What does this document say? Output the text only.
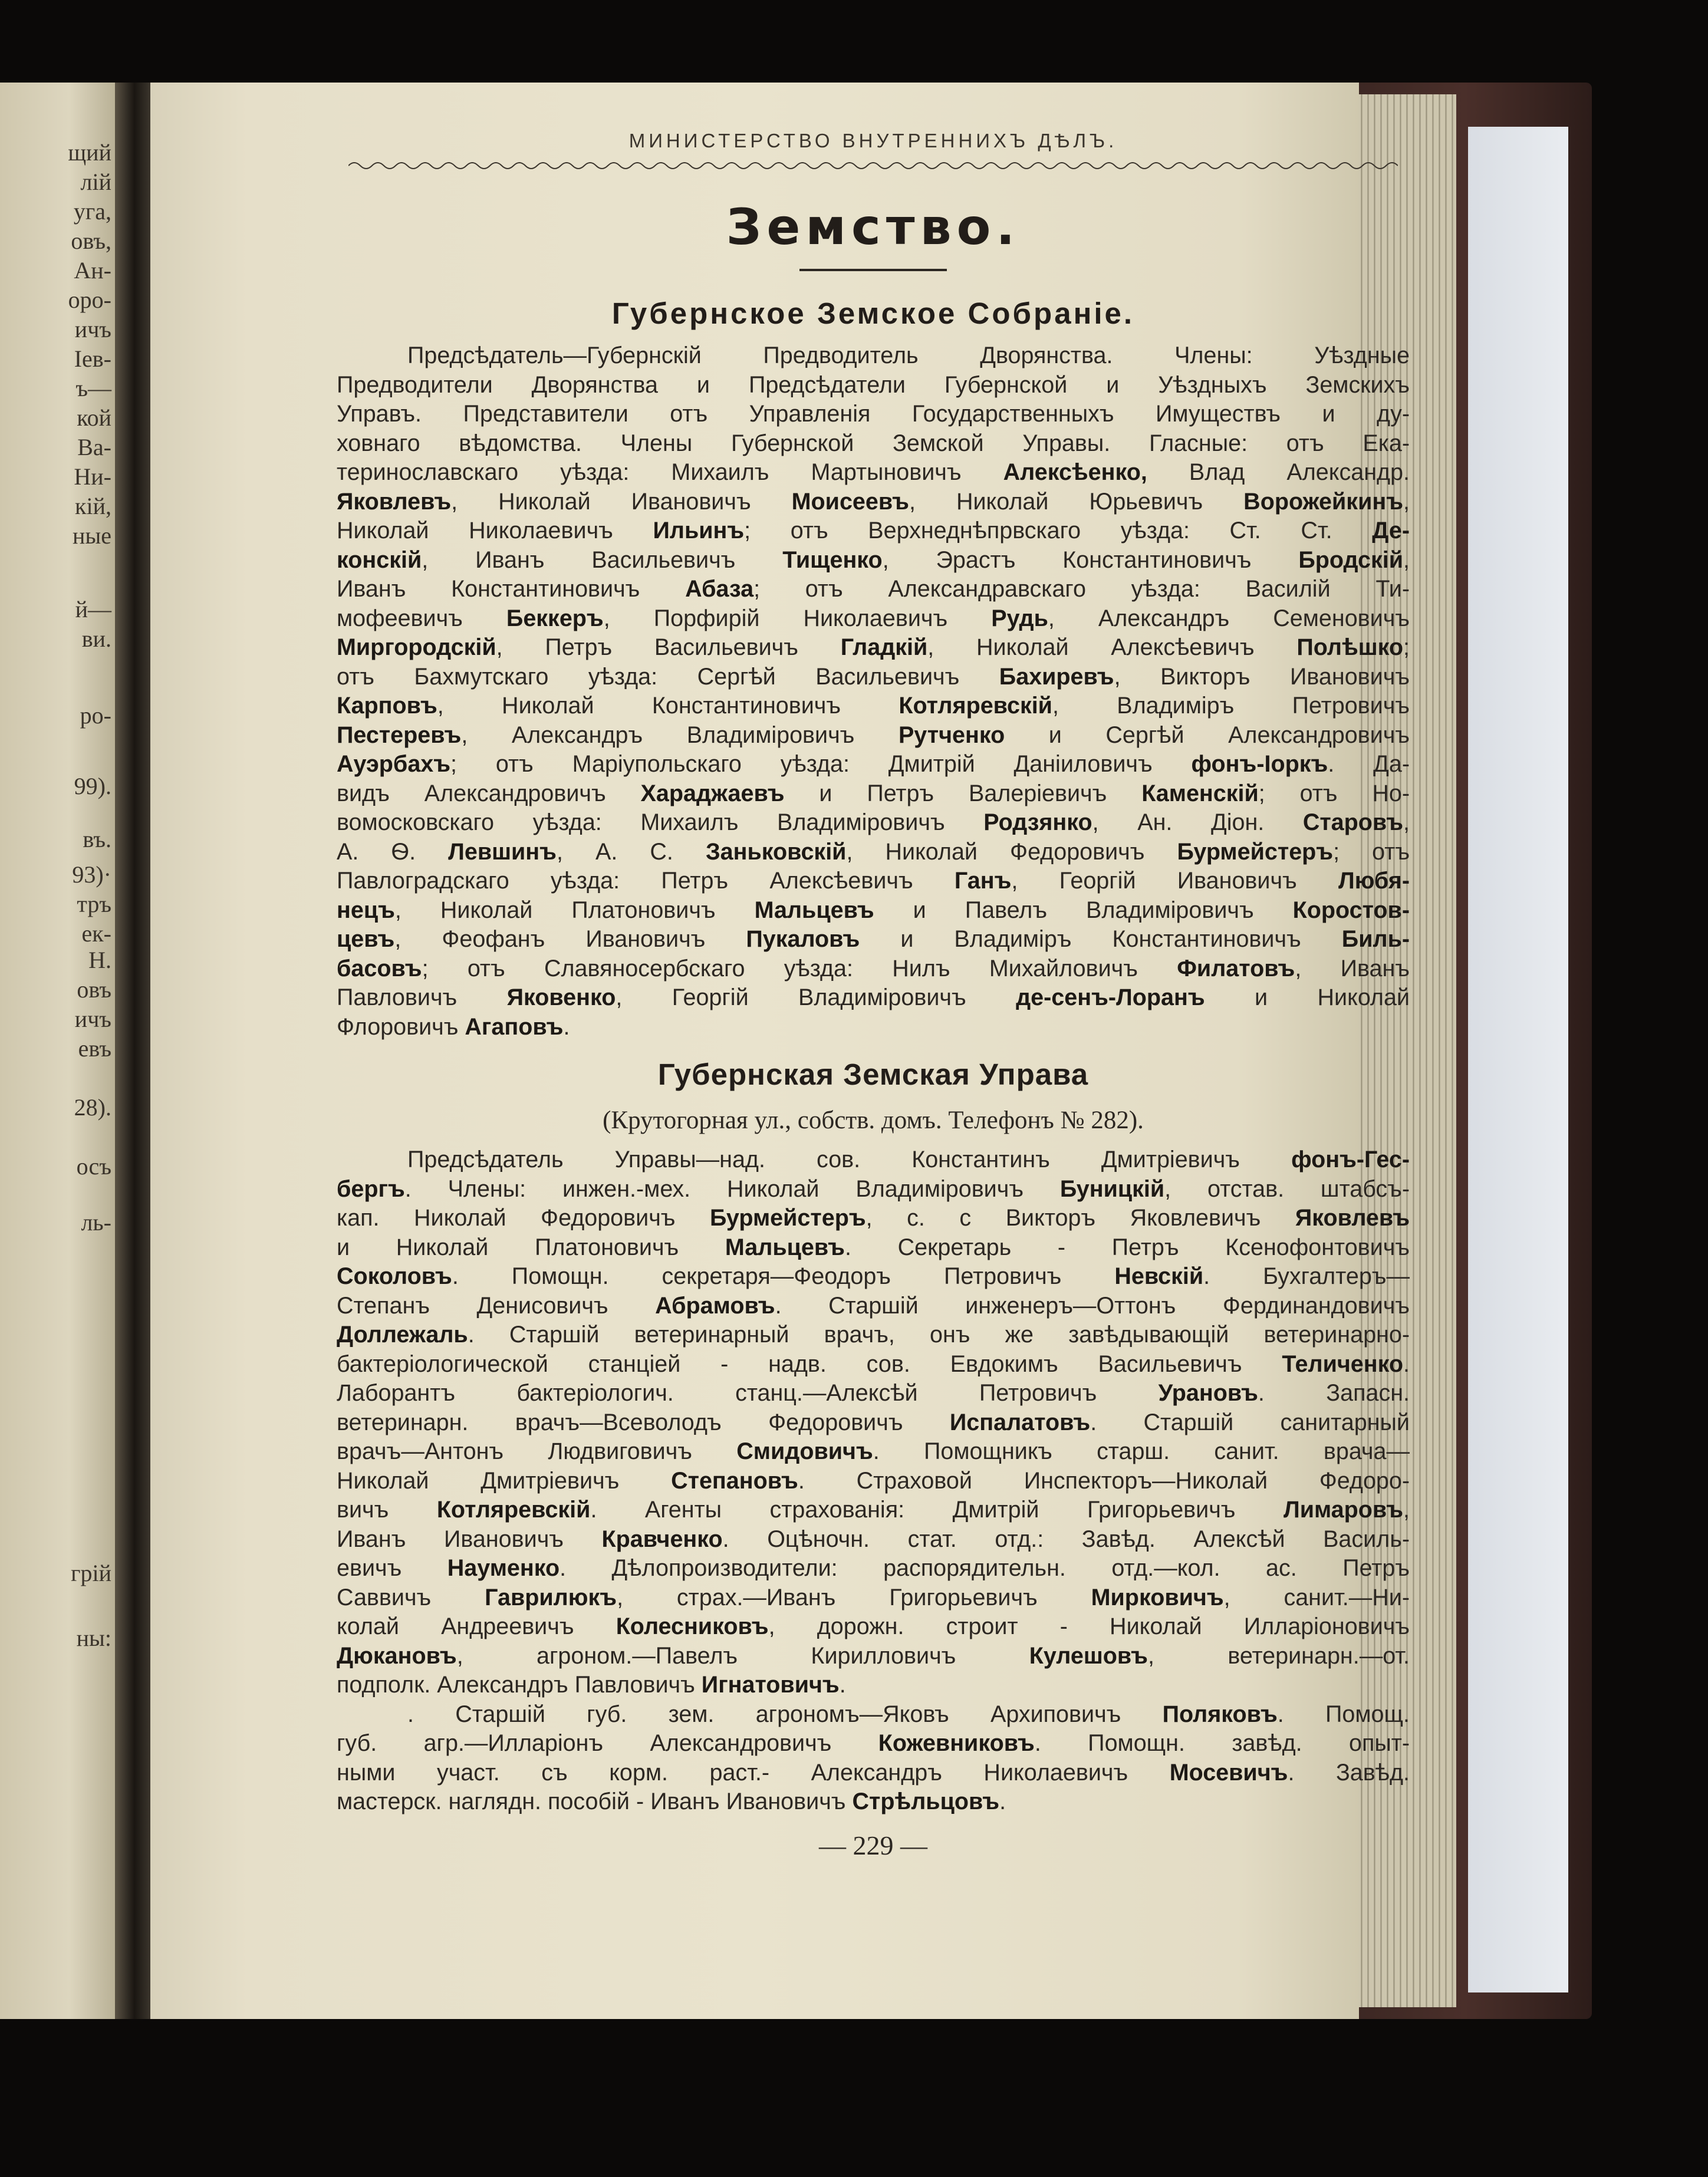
щий
лій
уга,
овъ,
Ан-
оро-
ичъ
Іев-
ъ—
кой
Ва-
Ни-
кій,
ные
й—
ви.
ро-
99).
въ.
93)·
тръ
ек-
Н.
овъ
ичъ
евъ
28).
осъ
ль-
грій
ны:
МИНИСТЕРСТВО ВНУТРЕННИХЪ ДѢЛЪ.
Земство.
Губернское Земское Собраніе.
Предсѣдатель—Губернскій Предводитель Дворянства. Члены: Уѣздные
Предводители Дворянства и Предсѣдатели Губернской и Уѣздныхъ Земскихъ
Управъ. Представители отъ Управленія Государственныхъ Имуществъ и ду-
ховнаго вѣдомства. Члены Губернской Земской Управы. Гласные: отъ Ека-
теринославскаго уѣзда: Михаилъ Мартыновичъ Алексѣенко, Влад Александр.
Яковлевъ, Николай Ивановичъ Моисеевъ, Николай Юрьевичъ Ворожейкинъ,
Николай Николаевичъ Ильинъ; отъ Верхнеднѣпрвскаго уѣзда: Ст. Ст. Де-
конскій, Иванъ Васильевичъ Тищенко, Эрастъ Константиновичъ Бродскій,
Иванъ Константиновичъ Абаза; отъ Александравскаго уѣзда: Василій Ти-
мофеевичъ Беккеръ, Порфирій Николаевичъ Рудь, Александръ Семеновичъ
Миргородскій, Петръ Васильевичъ Гладкій, Николай Алексѣевичъ Полѣшко;
отъ Бахмутскаго уѣзда: Сергѣй Васильевичъ Бахиревъ, Викторъ Ивановичъ
Карповъ, Николай Константиновичъ Котляревскій, Владиміръ Петровичъ
Пестеревъ, Александръ Владиміровичъ Рутченко и Сергѣй Александровичъ
Ауэрбахъ; отъ Маріупольскаго уѣзда: Дмитрій Даніиловичъ фонъ-Іоркъ. Да-
видъ Александровичъ Хараджаевъ и Петръ Валеріевичъ Каменскій; отъ Но-
вомосковскаго уѣзда: Михаилъ Владиміровичъ Родзянко, Ан. Діон. Старовъ,
А. Ѳ. Левшинъ, А. С. Заньковскій, Николай Федоровичъ Бурмейстеръ; отъ
Павлоградскаго уѣзда: Петръ Алексѣевичъ Ганъ, Георгій Ивановичъ Любя-
нецъ, Николай Платоновичъ Мальцевъ и Павелъ Владиміровичъ Коростов-
цевъ, Феофанъ Ивановичъ Пукаловъ и Владиміръ Константиновичъ Биль-
басовъ; отъ Славяносербскаго уѣзда: Нилъ Михайловичъ Филатовъ, Иванъ
Павловичъ Яковенко, Георгій Владиміровичъ де-сенъ-Лоранъ и Николай
Флоровичъ Агаповъ.
Губернская Земская Управа
(Крутогорная ул., собств. домъ. Телефонъ № 282).
Предсѣдатель Управы—над. сов. Константинъ Дмитріевичъ фонъ-Гес-
бергъ. Члены: инжен.-мех. Николай Владиміровичъ Буницкій, отстав. штабсъ-
кап. Николай Федоровичъ Бурмейстеръ, с. с Викторъ Яковлевичъ Яковлевъ
и Николай Платоновичъ Мальцевъ. Секретарь - Петръ Ксенофонтовичъ
Соколовъ. Помощн. секретаря—Феодоръ Петровичъ Невскій. Бухгалтеръ—
Степанъ Денисовичъ Абрамовъ. Старшій инженеръ—Оттонъ Фердинандовичъ
Доллежаль. Старшій ветеринарный врачъ, онъ же завѣдывающій ветеринарно-
бактеріологической станціей - надв. сов. Евдокимъ Васильевичъ Теличенко.
Лаборантъ бактеріологич. станц.—Алексѣй Петровичъ Урановъ. Запасн.
ветеринарн. врачъ—Всеволодъ Федоровичъ Испалатовъ. Старшій санитарный
врачъ—Антонъ Людвиговичъ Смидовичъ. Помощникъ старш. санит. врача—
Николай Дмитріевичъ Степановъ. Страховой Инспекторъ—Николай Федоро-
вичъ Котляревскій. Агенты страхованія: Дмитрій Григорьевичъ Лимаровъ,
Иванъ Ивановичъ Кравченко. Оцѣночн. стат. отд.: Завѣд. Алексѣй Василь-
евичъ Науменко. Дѣлопроизводители: распорядительн. отд.—кол. ас. Петръ
Саввичъ Гаврилюкъ, страх.—Иванъ Григорьевичъ Мирковичъ, санит.—Ни-
колай Андреевичъ Колесниковъ, дорожн. строит - Николай Илларіоновичъ
Дюкановъ, агроном.—Павелъ Кирилловичъ Кулешовъ, ветеринарн.—от.
подполк. Александръ Павловичъ Игнатовичъ.
. Старшій губ. зем. агрономъ—Яковъ Архиповичъ Поляковъ. Помощ.
губ. агр.—Илларіонъ Александровичъ Кожевниковъ. Помощн. завѣд. опыт-
ными участ. съ корм. раст.- Александръ Николаевичъ Мосевичъ. Завѣд.
мастерск. наглядн. пособій - Иванъ Ивановичъ Стрѣльцовъ.
— 229 —
